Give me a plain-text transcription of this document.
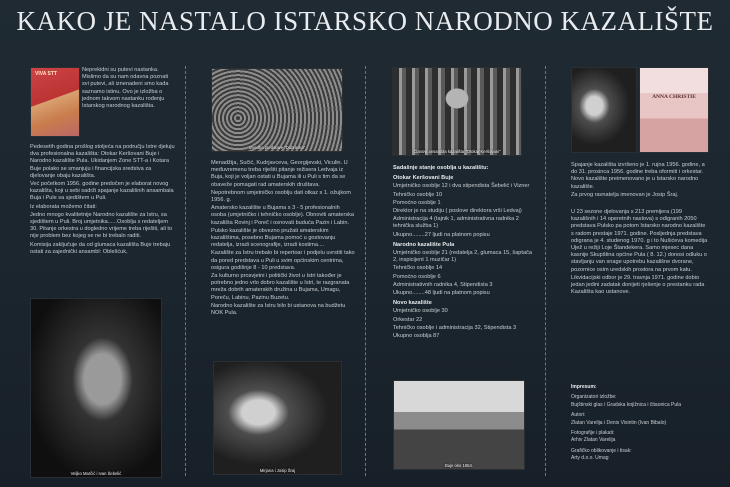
KAKO JE NASTALO ISTARSKO NARODNO KAZALIŠTE
VIVA STT
Neprekidni su putevi nastanka. Mislimo da su nam odavna poznati svi putevi, ali iznenadeni smo kada saznamo istinu. Ovo je izložba o jednom takvom nastanku rođenju Istarskog narodnog kazališta.

Pedesetih godina prošlog stoljeća na području Istre djeluju dva profesionalna kazališta: Otokar Keršovani Buje i Narodno kazalište Pula. Ukidanjem Zone STT-a i Kotara Buje polako se smanjuju i financijska sredstva za djelovanje obaju kazališta.

Već početkom 1956. godine predočen je elaborat novog kazališta, koji u sebi sadrži spajanje kazališnih ansambala Buja i Pule sa sjedištem u Puli.

Iz elaborata možemo čitati:

Jedno mnogo kvalitetnije Narodno kazalište za Istru, sa sjedištem u Puli. Broj umjetnika......Osoblja s redateljem 30. Pitanje orkestra u dogledno vrijeme treba riješiti, ali to nije problem bez kojeg se ne bi trebalo raditi.

Komisija zaključuje da od glumaca kazališta Buje trebaju ostati za zajednički ansambl: Oblešćuk,

Veljko Marčić i Ivan Šebelić
Izvedba predstave "Dubravka"

Menadžija, Sučić, Kudrjavceva, Georgijevski, Viculin. U međuvremenu treba riješiti pitanje režisera Ledvaja iz Buja, koji je voljan ostati u Bujama ili u Puli s tim da se obaveže pomagati rad amaterskih društava.

Nepotrebnom umjetničko osoblju dati otkaz s 1. ožujkom 1956. g.

Amatersko kazalište u Bujama s 3 - 5 profesionalnih osoba (umjetničko i tehničko osoblje). Obnoviti amaterska kazališta Rovinj i Poreč i osnovati buduća Pazin i Labin.

Pulsko kazalište je obvezno pružati amaterskim kazalištima, posebno Bujama pomoć u gostovanju redatelja, izradi scenografije, izradi kostima....

Kazalište za Istru trebalo bi repertoar i podjelu uvrstiti tako da pored predstava u Puli u svim općinskim centrima, osigura godišnje 8 - 10 predstava.

Za kulturno prosvjetni i politički život u Istri također je potrebno jedno vrlo dobro kazalište u Istri, te razgranata mreža dobrih amaterskih družina u Bujama, Umagu, Poreču, Labinu, Pazinu Buzetu.

Narodno kazalište za Istru bilo bi ustanova na budžetu NOK Pula.

Mirjana i Josip Šraj
Članovi ansambla kazališta "Otokar Keršovani"

Sadašnje stanje osoblja u kazalištu:

Otokar Keršovani Buje

Umjetničko osoblje 12 i dva stipendista Šebelić i Vizner

Tehničko osoblje 10

Pomoćno osoblje 1

Direktor je na studiju ( poslove direktora vrši Ledvaj)

Administracija 4 (tajnik 1, administrativna radnika 2 tehnička služba 1)

Ukupno........27 ljudi na platnom popisu

Narodno kazalište Pula

Umjetničko osoblje 21 (redatelja 2, glumaca 15, šaptača 2, inspicijent 1 muzičar 1)

Tehničko osoblje 14

Pomoćno osoblje 6

Administrativnih radnika 4, Stipendista 3

Ukupno........48 ljudi na platnom popisu

Novo kazalište

Umjetničko osoblje 30

Orkestar 22

Tehničko osoblje i administracija 32, Stipendista 3

Ukupno osoblja 87

Buje oko 1954.
ANNA CHRISTIE

Spajanje kazališta izvršeno je 1. rujna 1956. godine, a do 31. prosinca 1956. godine treba oformiti i orkestar. Novo kazalište preimenovano je u Istarsko narodno kazalište.

Za prvog ravnatelja imenovan je Josip Šraj.

U 23 sezone djelovanja s 213 premijera (199 kazališnih i 14 operetnih naslova) s odigranih 2050 predstava Pulsko pa potom Istarsko narodno kazalište s radom prestaje 1971. godine. Posljednja predstava odigrana je 4. studenog 1970. g i to Nušićeva komedija Ujež u režiji Loje Štandekera. Samo mjesec dana kasnije Skupština općine Pula ( 8. 12.) donosi odluku o stavljanju van snage upotrebu kazališne dvorane, pozornice osim uredskih prostora na prvom katu.

Likvidacijski odbor je 29. travnja 1971. godine dobio jedan jedini zadatak donijeti rješenje o prestanku rada Kazališta kao ustanove.

Impresum:

Organizatori izložbe:

Bujštinski glas i Gradska knjižnica i čitaonica Pula

Autori:

Zlatan Varelija i Denis Visintin (Ivan Bibalo)

Fotografije i plakati:

Arhiv Zlatan Varelija

Grafičko oblikovanje i tisak:

Arty d.o.o. Umag
